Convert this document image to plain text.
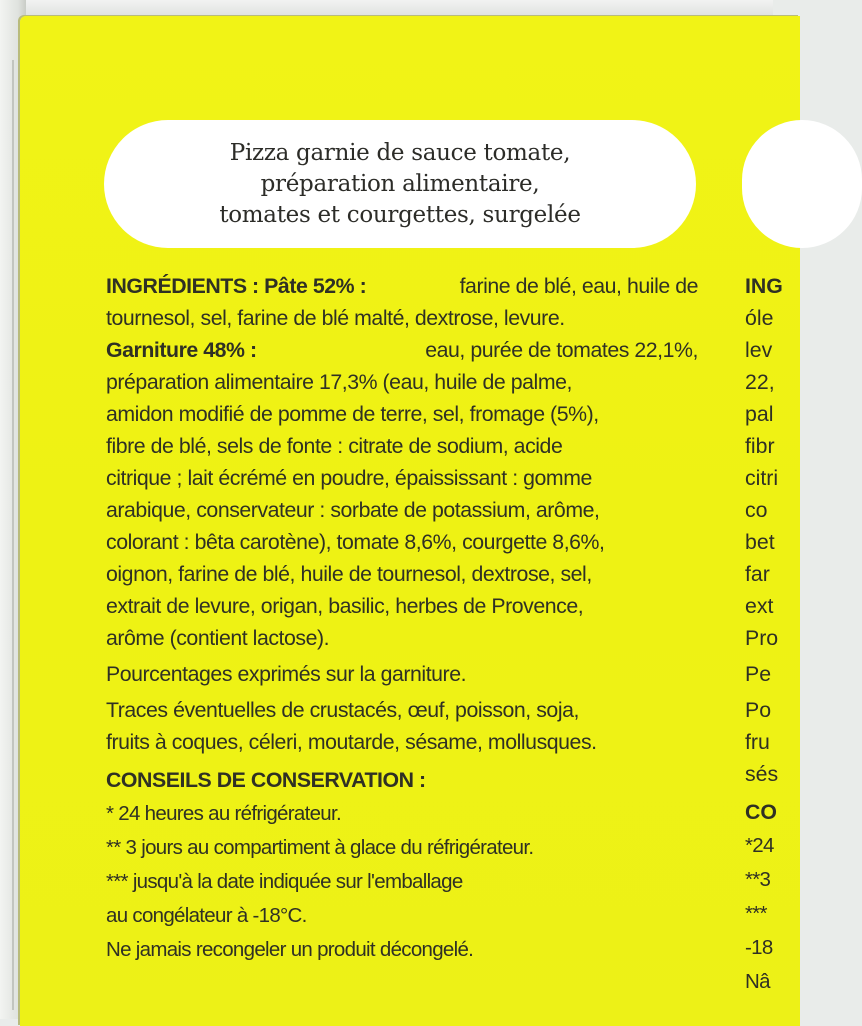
Pizza garnie de sauce tomate,
préparation alimentaire,
tomates et courgettes, surgelée
INGRÉDIENTS : Pâte 52% :	farine de blé, eau, huile de
tournesol, sel, farine de blé malté, dextrose, levure.
Garniture 48% :	eau, purée de tomates 22,1%,
préparation alimentaire 17,3% (eau, huile de palme,
amidon modifié de pomme de terre, sel, fromage (5%),
fibre de blé, sels de fonte : citrate de sodium, acide
citrique ; lait écrémé en poudre, épaississant : gomme
arabique, conservateur : sorbate de potassium, arôme,
colorant : bêta carotène), tomate 8,6%, courgette 8,6%,
oignon, farine de blé, huile de tournesol, dextrose, sel,
extrait de levure, origan, basilic, herbes de Provence,
arôme (contient lactose).
Pourcentages exprimés sur la garniture.
Traces éventuelles de crustacés, œuf, poisson, soja,
fruits à coques, céleri, moutarde, sésame, mollusques.
CONSEILS DE CONSERVATION :
* 24 heures au réfrigérateur.
** 3 jours au compartiment à glace du réfrigérateur.
*** jusqu'à la date indiquée sur l'emballage
au congélateur à -18°C.
Ne jamais recongeler un produit décongelé.
ING
óle
lev
22,
pal
fibr
citri
co
bet
far
ext
Pro
Pe
Po
fru
sés
CO
*24
**3
***
-18
Nâ
